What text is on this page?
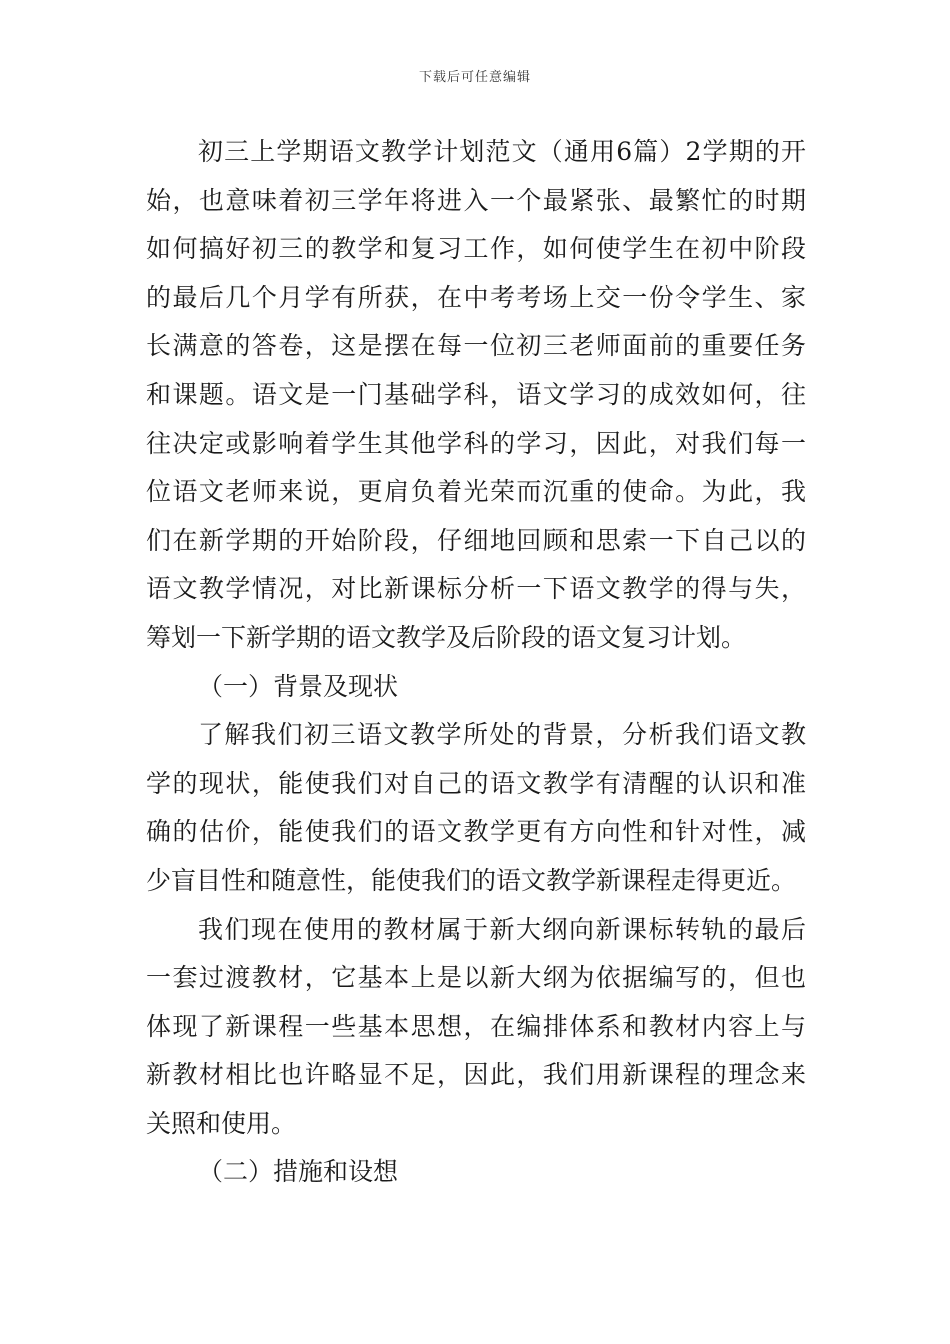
下载后可任意编辑
初三上学期语文教学计划范文（通用6篇）2学期的开
始，也意味着初三学年将进入一个最紧张、最繁忙的时期
如何搞好初三的教学和复习工作，如何使学生在初中阶段
的最后几个月学有所获，在中考考场上交一份令学生、家
长满意的答卷，这是摆在每一位初三老师面前的重要任务
和课题。语文是一门基础学科，语文学习的成效如何，往
往决定或影响着学生其他学科的学习，因此，对我们每一
位语文老师来说，更肩负着光荣而沉重的使命。为此，我
们在新学期的开始阶段，仔细地回顾和思索一下自己以的
语文教学情况，对比新课标分析一下语文教学的得与失，
筹划一下新学期的语文教学及后阶段的语文复习计划。
（一）背景及现状
了解我们初三语文教学所处的背景，分析我们语文教
学的现状，能使我们对自己的语文教学有清醒的认识和准
确的估价，能使我们的语文教学更有方向性和针对性，减
少盲目性和随意性，能使我们的语文教学新课程走得更近。
我们现在使用的教材属于新大纲向新课标转轨的最后
一套过渡教材，它基本上是以新大纲为依据编写的，但也
体现了新课程一些基本思想，在编排体系和教材内容上与
新教材相比也许略显不足，因此，我们用新课程的理念来
关照和使用。
（二）措施和设想
